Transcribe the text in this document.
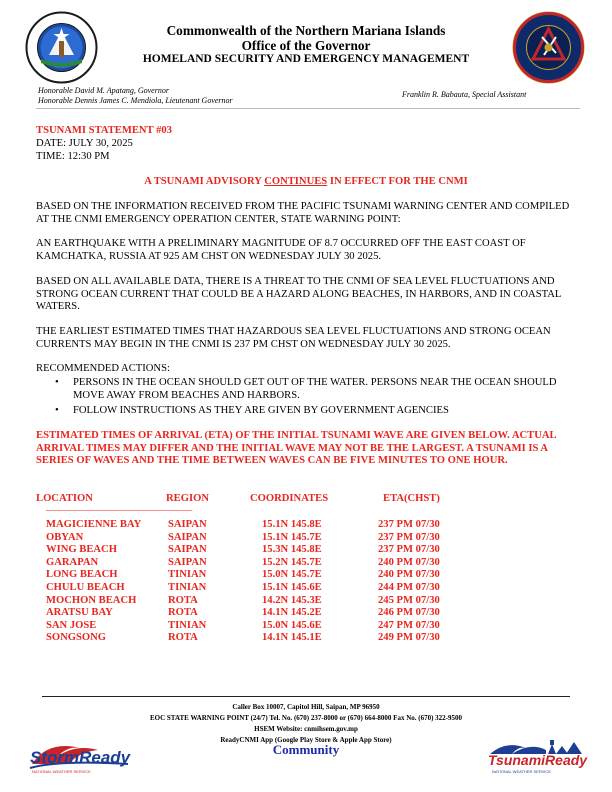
Commonwealth of the Northern Mariana Islands
Office of the Governor
HOMELAND SECURITY AND EMERGENCY MANAGEMENT
Honorable David M. Apatang, Governor
Honorable Dennis James C. Mendiola, Lieutenant Governor
Franklin R. Babauta, Special Assistant
TSUNAMI STATEMENT #03
DATE: JULY 30, 2025
TIME: 12:30 PM
A TSUNAMI ADVISORY CONTINUES IN EFFECT FOR THE CNMI
BASED ON THE INFORMATION RECEIVED FROM THE PACIFIC TSUNAMI WARNING CENTER AND COMPILED AT THE CNMI EMERGENCY OPERATION CENTER, STATE WARNING POINT:
AN EARTHQUAKE WITH A PRELIMINARY MAGNITUDE OF 8.7 OCCURRED OFF THE EAST COAST OF KAMCHATKA, RUSSIA AT 925 AM CHST ON WEDNESDAY JULY 30 2025.
BASED ON ALL AVAILABLE DATA, THERE IS A THREAT TO THE CNMI OF SEA LEVEL FLUCTUATIONS AND STRONG OCEAN CURRENT THAT COULD BE A HAZARD ALONG BEACHES, IN HARBORS, AND IN COASTAL WATERS.
THE EARLIEST ESTIMATED TIMES THAT HAZARDOUS SEA LEVEL FLUCTUATIONS AND STRONG OCEAN CURRENTS MAY BEGIN IN THE CNMI IS 237 PM CHST ON WEDNESDAY JULY 30 2025.
RECOMMENDED ACTIONS:
• PERSONS IN THE OCEAN SHOULD GET OUT OF THE WATER. PERSONS NEAR THE OCEAN SHOULD MOVE AWAY FROM BEACHES AND HARBORS.
• FOLLOW INSTRUCTIONS AS THEY ARE GIVEN BY GOVERNMENT AGENCIES
ESTIMATED TIMES OF ARRIVAL (ETA) OF THE INITIAL TSUNAMI WAVE ARE GIVEN BELOW. ACTUAL ARRIVAL TIMES MAY DIFFER AND THE INITIAL WAVE MAY NOT BE THE LARGEST. A TSUNAMI IS A SERIES OF WAVES AND THE TIME BETWEEN WAVES CAN BE FIVE MINUTES TO ONE HOUR.
LOCATION	REGION	COORDINATES	ETA(CHST)
------------------------------------------------------------------------
MAGICIENNE BAY	SAIPAN	15.1N 145.8E	237 PM 07/30
OBYAN	SAIPAN	15.1N 145.7E	237 PM 07/30
WING BEACH	SAIPAN	15.3N 145.8E	237 PM 07/30
GARAPAN	SAIPAN	15.2N 145.7E	240 PM 07/30
LONG BEACH	TINIAN	15.0N 145.7E	240 PM 07/30
CHULU BEACH	TINIAN	15.1N 145.6E	244 PM 07/30
MOCHON BEACH	ROTA	14.2N 145.3E	245 PM 07/30
ARATSU BAY	ROTA	14.1N 145.2E	246 PM 07/30
SAN JOSE	TINIAN	15.0N 145.6E	247 PM 07/30
SONGSONG	ROTA	14.1N 145.1E	249 PM 07/30
Caller Box 10007, Capitol Hill, Saipan, MP 96950
EOC STATE WARNING POINT (24/7) Tel. No. (670) 237-8000 or (670) 664-8000 Fax No. (670) 322-9500
HSEM Website: cnmihsem.gov.mp
ReadyCNMI App (Google Play Store & Apple App Store)
Community
StormReady
NATIONAL WEATHER SERVICE
TsunamiReady
NATIONAL WEATHER SERVICE
